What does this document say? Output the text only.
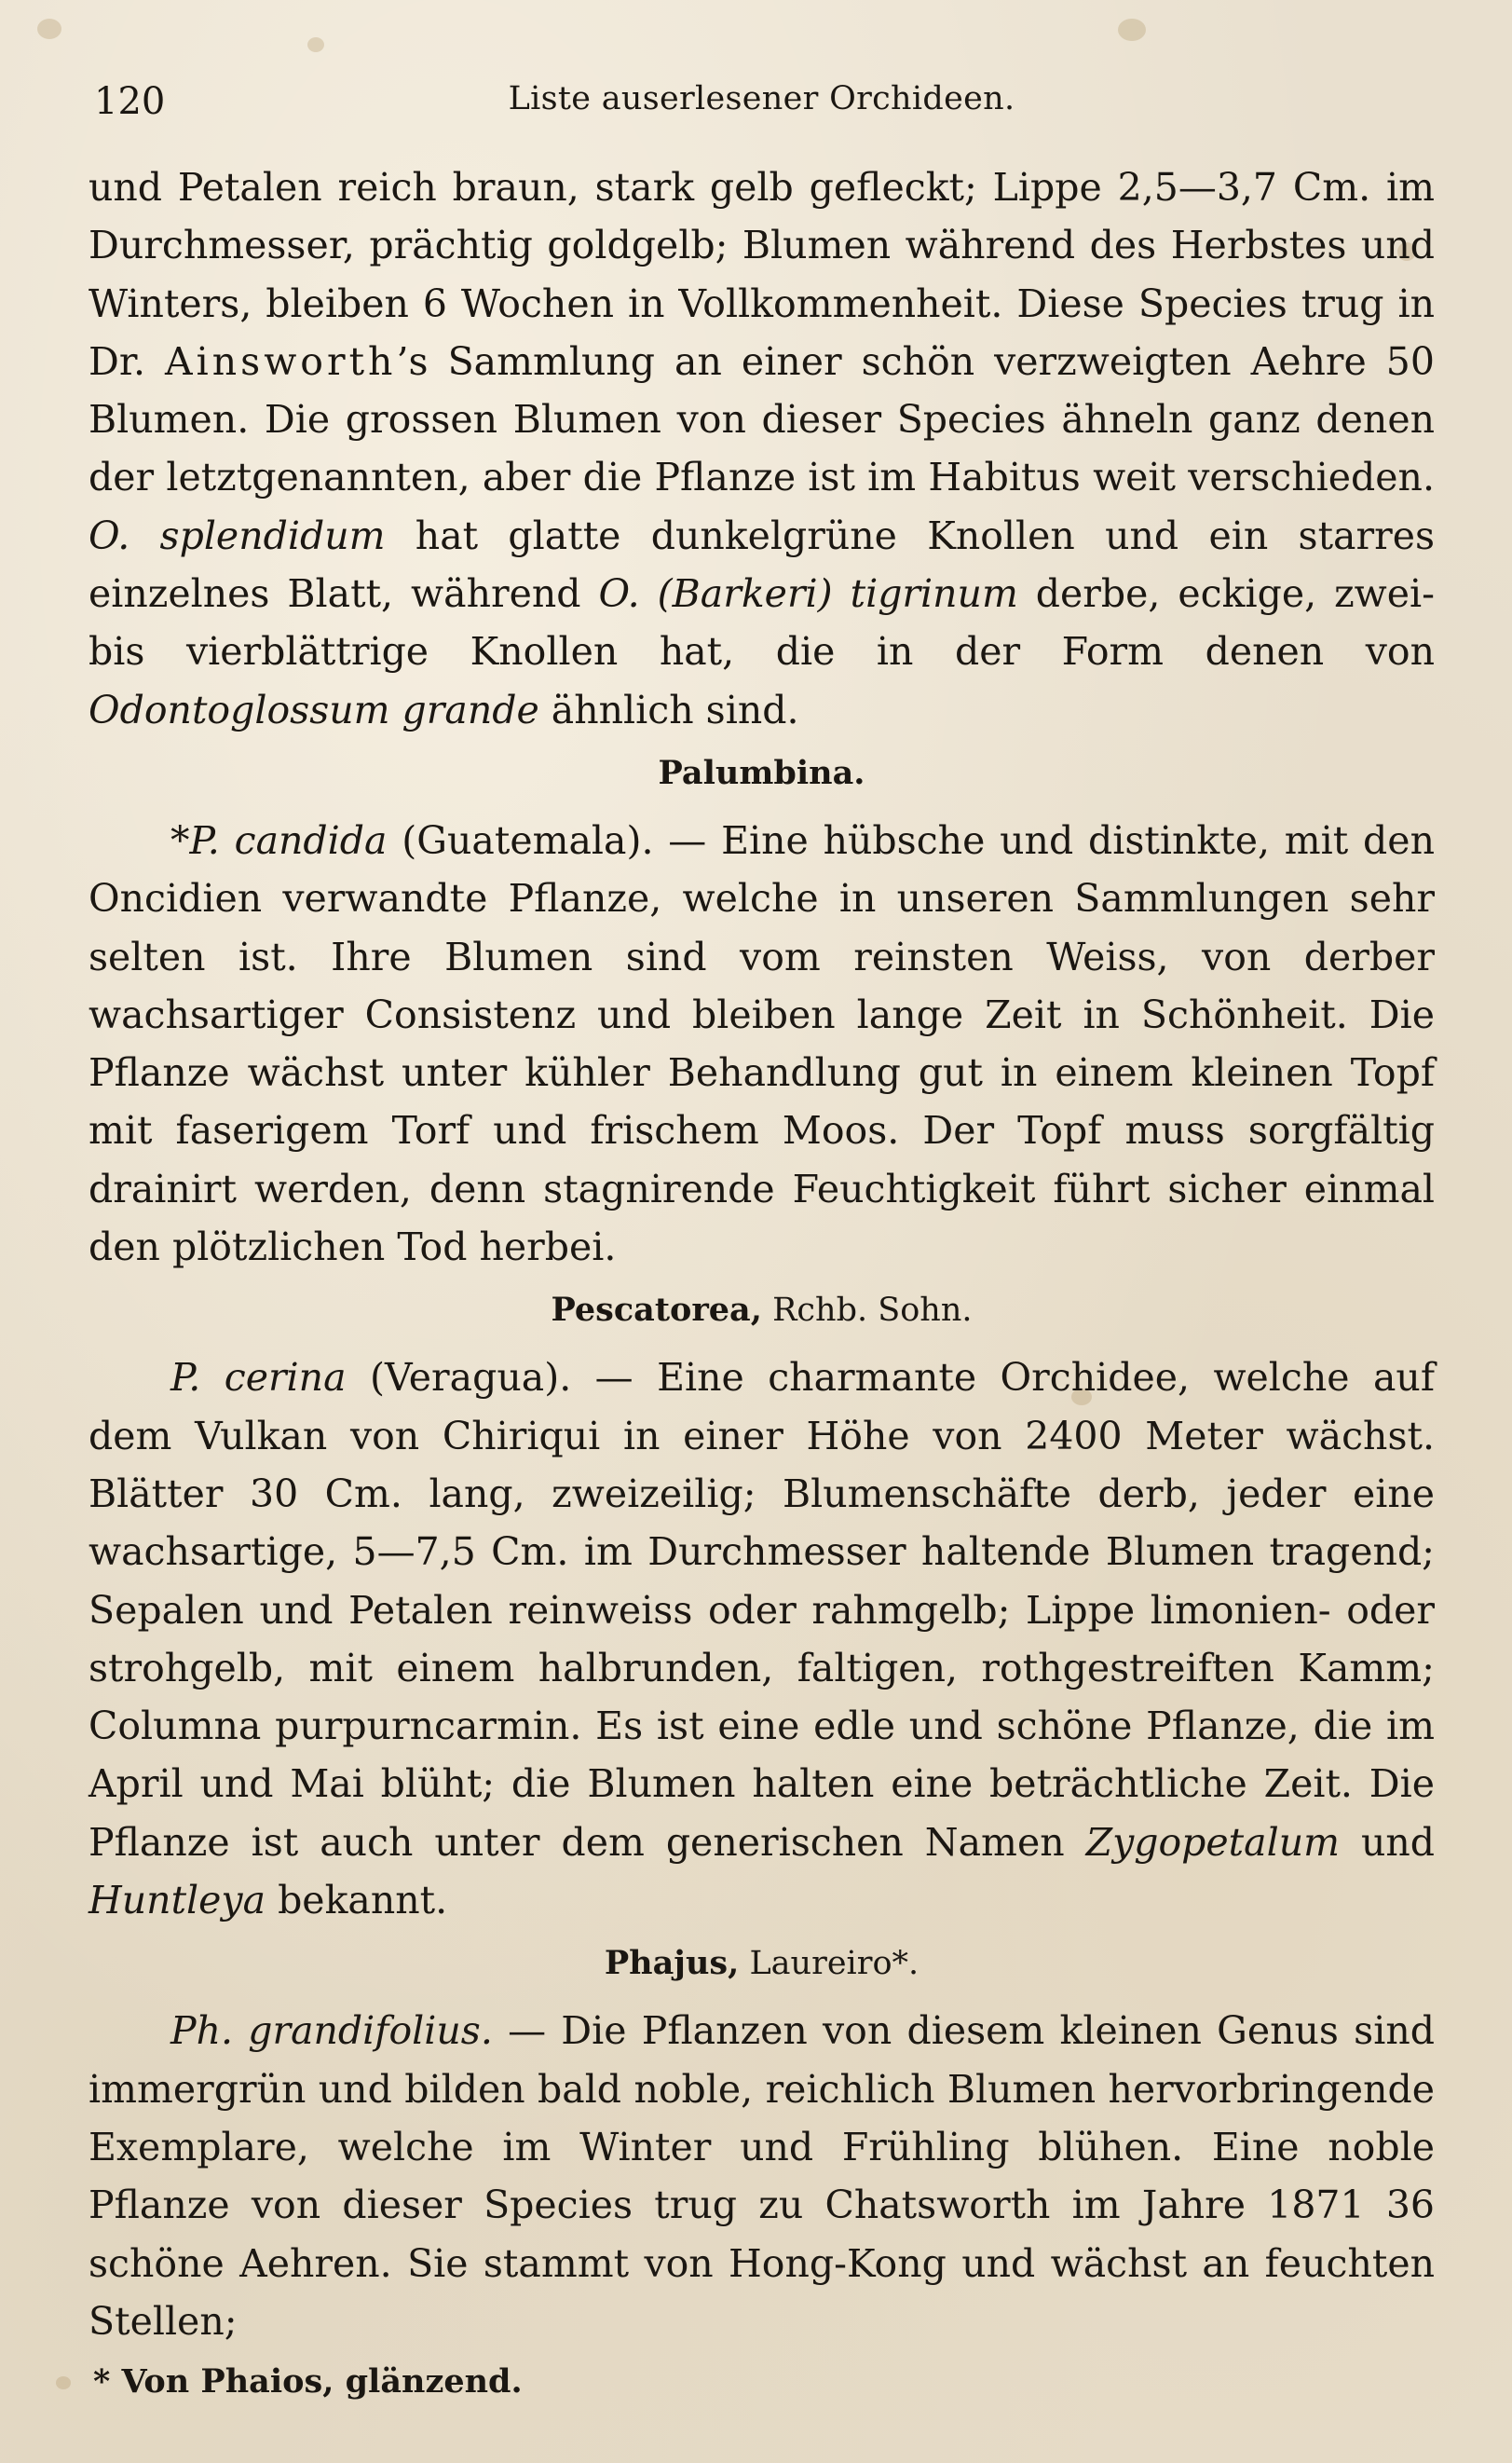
120	Liste auserlesener Orchideen.

und Petalen reich braun, stark gelb gefleckt; Lippe 2,5—3,7 Cm. im Durchmesser, prächtig goldgelb; Blumen während des Herbstes und Winters, bleiben 6 Wochen in Vollkommenheit. Diese Species trug in Dr. Ainsworth’s Sammlung an einer schön verzweigten Aehre 50 Blumen. Die grossen Blumen von dieser Species ähneln ganz denen der letztgenannten, aber die Pflanze ist im Habitus weit verschieden. O. splendidum hat glatte dunkelgrüne Knollen und ein starres einzelnes Blatt, während O. (Barkeri) tigrinum derbe, eckige, zwei- bis vierblättrige Knollen hat, die in der Form denen von Odontoglossum grande ähnlich sind.

Palumbina.

*P. candida (Guatemala). — Eine hübsche und distinkte, mit den Oncidien verwandte Pflanze, welche in unseren Sammlungen sehr selten ist. Ihre Blumen sind vom reinsten Weiss, von derber wachsartiger Consistenz und bleiben lange Zeit in Schönheit. Die Pflanze wächst unter kühler Behandlung gut in einem kleinen Topf mit faserigem Torf und frischem Moos. Der Topf muss sorgfältig drainirt werden, denn stagnirende Feuchtigkeit führt sicher einmal den plötzlichen Tod herbei.

Pescatorea, Rchb. Sohn.

P. cerina (Veragua). — Eine charmante Orchidee, welche auf dem Vulkan von Chiriqui in einer Höhe von 2400 Meter wächst. Blätter 30 Cm. lang, zweizeilig; Blumenschäfte derb, jeder eine wachsartige, 5—7,5 Cm. im Durchmesser haltende Blumen tragend; Sepalen und Petalen reinweiss oder rahmgelb; Lippe limonien- oder strohgelb, mit einem halbrunden, faltigen, rothgestreiften Kamm; Columna purpurncarmin. Es ist eine edle und schöne Pflanze, die im April und Mai blüht; die Blumen halten eine beträchtliche Zeit. Die Pflanze ist auch unter dem generischen Namen Zygopetalum und Huntleya bekannt.

Phajus, Laureiro*.

Ph. grandifolius. — Die Pflanzen von diesem kleinen Genus sind immergrün und bilden bald noble, reichlich Blumen hervorbringende Exemplare, welche im Winter und Frühling blühen. Eine noble Pflanze von dieser Species trug zu Chatsworth im Jahre 1871 36 schöne Aehren. Sie stammt von Hong-Kong und wächst an feuchten Stellen;

* Von Phaios, glänzend.
